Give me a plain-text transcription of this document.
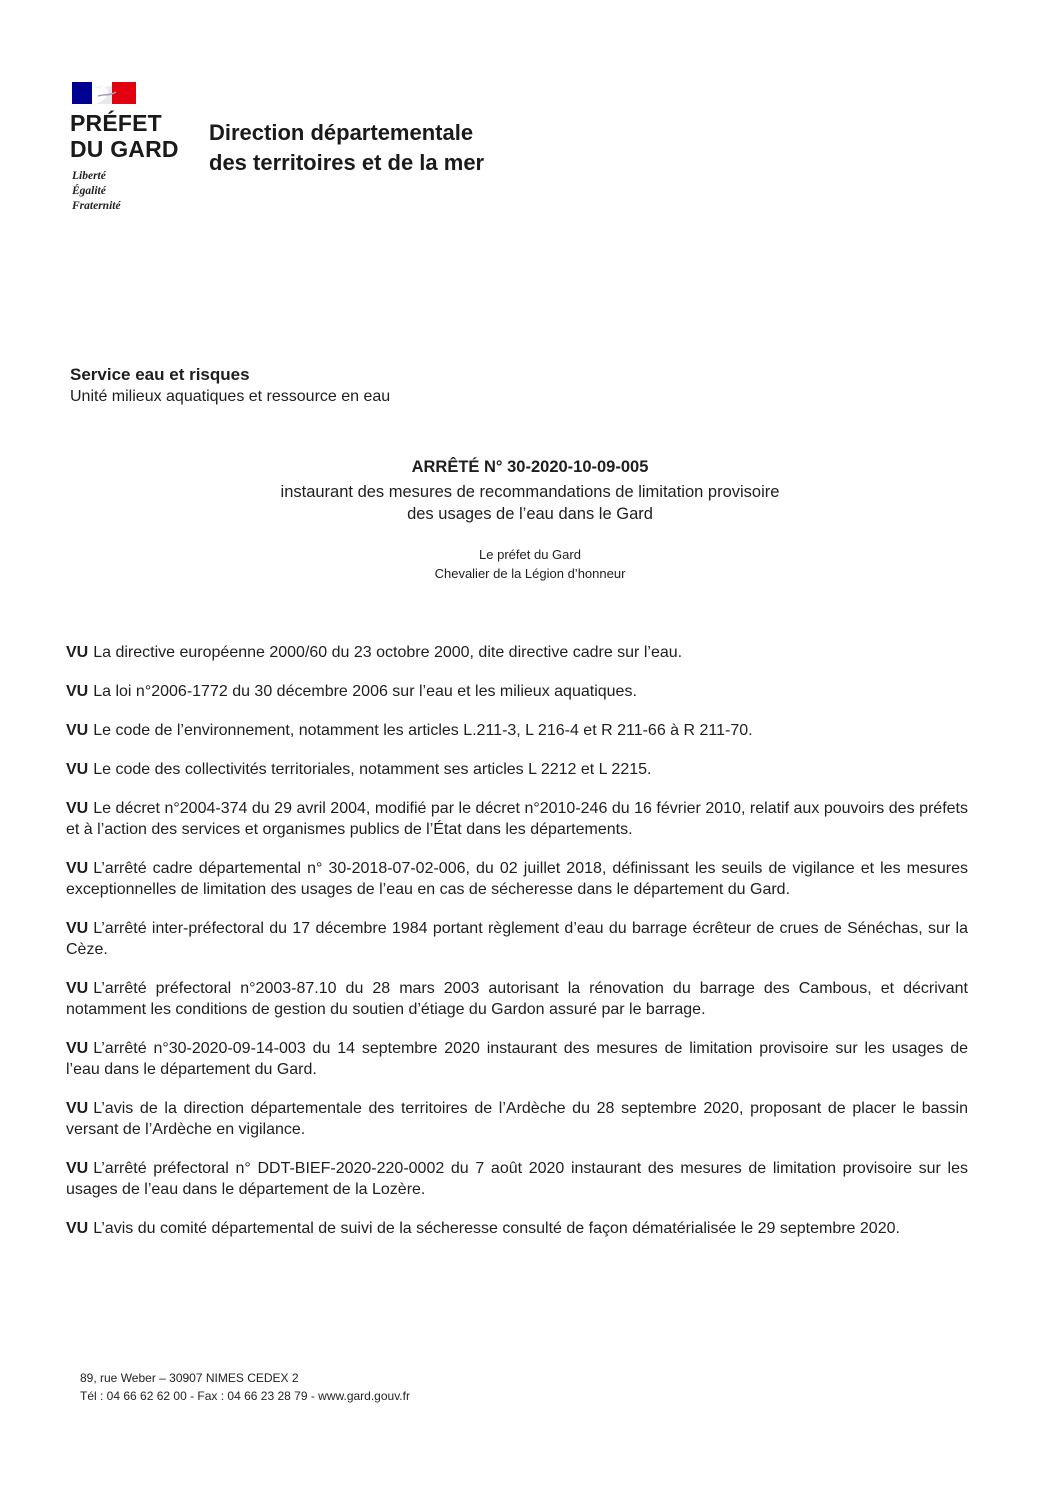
PRÉFET
DU GARD
Liberté
Égalité
Fraternité
Direction départementale
des territoires et de la mer
Service eau et risques
Unité milieux aquatiques et ressource en eau
ARRÊTÉ N° 30-2020-10-09-005
instaurant des mesures de recommandations de limitation provisoire
des usages de l’eau dans le Gard
Le préfet du Gard
Chevalier de la Légion d’honneur
VU La directive européenne 2000/60 du 23 octobre 2000, dite directive cadre sur l’eau.
VU La loi n°2006-1772 du 30 décembre 2006 sur l’eau et les milieux aquatiques.
VU Le code de l’environnement, notamment les articles L.211-3, L 216-4 et R 211-66 à R 211-70.
VU Le code des collectivités territoriales, notamment ses articles L 2212 et L 2215.
VU Le décret n°2004-374 du 29 avril 2004, modifié par le décret n°2010-246 du 16 février 2010, relatif aux pouvoirs des préfets et à l’action des services et organismes publics de l’État dans les départements.
VU L’arrêté cadre départemental n° 30-2018-07-02-006, du 02 juillet 2018, définissant les seuils de vigilance et les mesures exceptionnelles de limitation des usages de l’eau en cas de sécheresse dans le département du Gard.
VU L’arrêté inter-préfectoral du 17 décembre 1984 portant règlement d’eau du barrage écrêteur de crues de Sénéchas, sur la Cèze.
VU L’arrêté préfectoral n°2003-87.10 du 28 mars 2003 autorisant la rénovation du barrage des Cambous, et décrivant notamment les conditions de gestion du soutien d’étiage du Gardon assuré par le barrage.
VU L’arrêté n°30-2020-09-14-003 du 14 septembre 2020 instaurant des mesures de limitation provisoire sur les usages de l’eau dans le département du Gard.
VU L’avis de la direction départementale des territoires de l’Ardèche du 28 septembre 2020, proposant de placer le bassin versant de l’Ardèche en vigilance.
VU L’arrêté préfectoral n° DDT-BIEF-2020-220-0002 du 7 août 2020 instaurant des mesures de limitation provisoire sur les usages de l’eau dans le département de la Lozère.
VU L’avis du comité départemental de suivi de la sécheresse consulté de façon dématérialisée le 29 septembre 2020.
89, rue Weber – 30907 NIMES CEDEX 2
Tél : 04 66 62 62 00 - Fax : 04 66 23 28 79 - www.gard.gouv.fr
